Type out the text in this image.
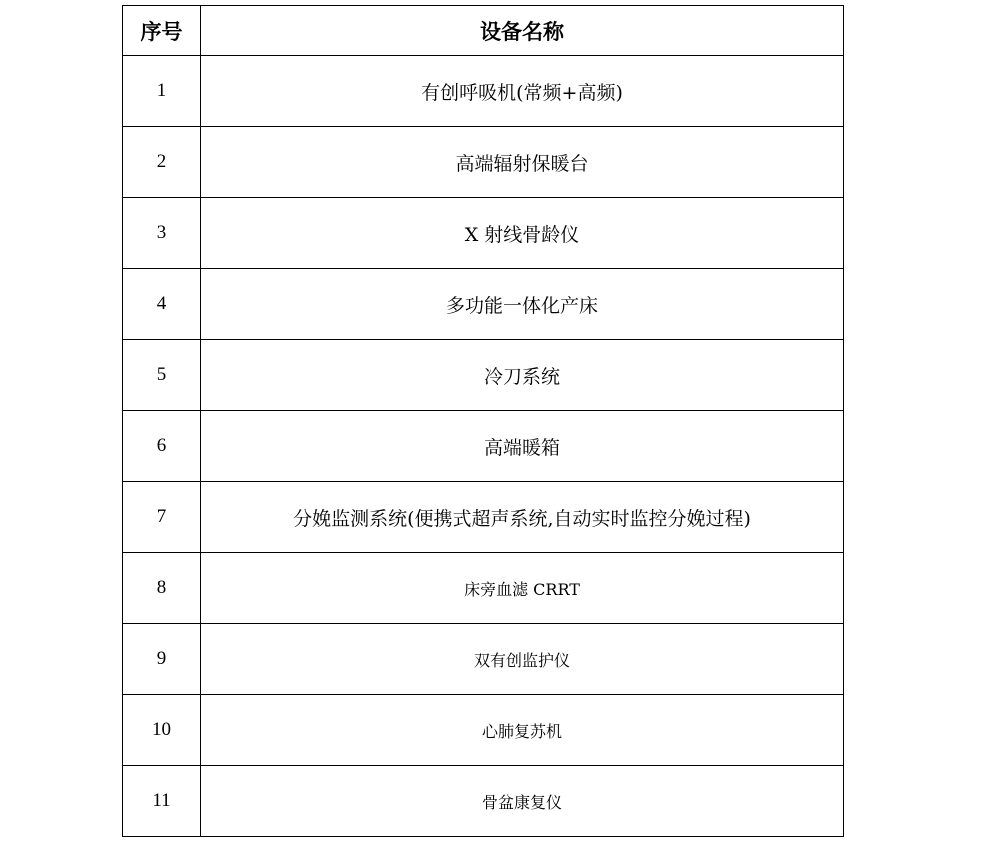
序号	设备名称
1	有创呼吸机(常频+高频)
2	高端辐射保暖台
3	X 射线骨龄仪
4	多功能一体化产床
5	冷刀系统
6	高端暖箱
7	分娩监测系统(便携式超声系统,自动实时监控分娩过程)
8	床旁血滤 CRRT
9	双有创监护仪
10	心肺复苏机
11	骨盆康复仪
